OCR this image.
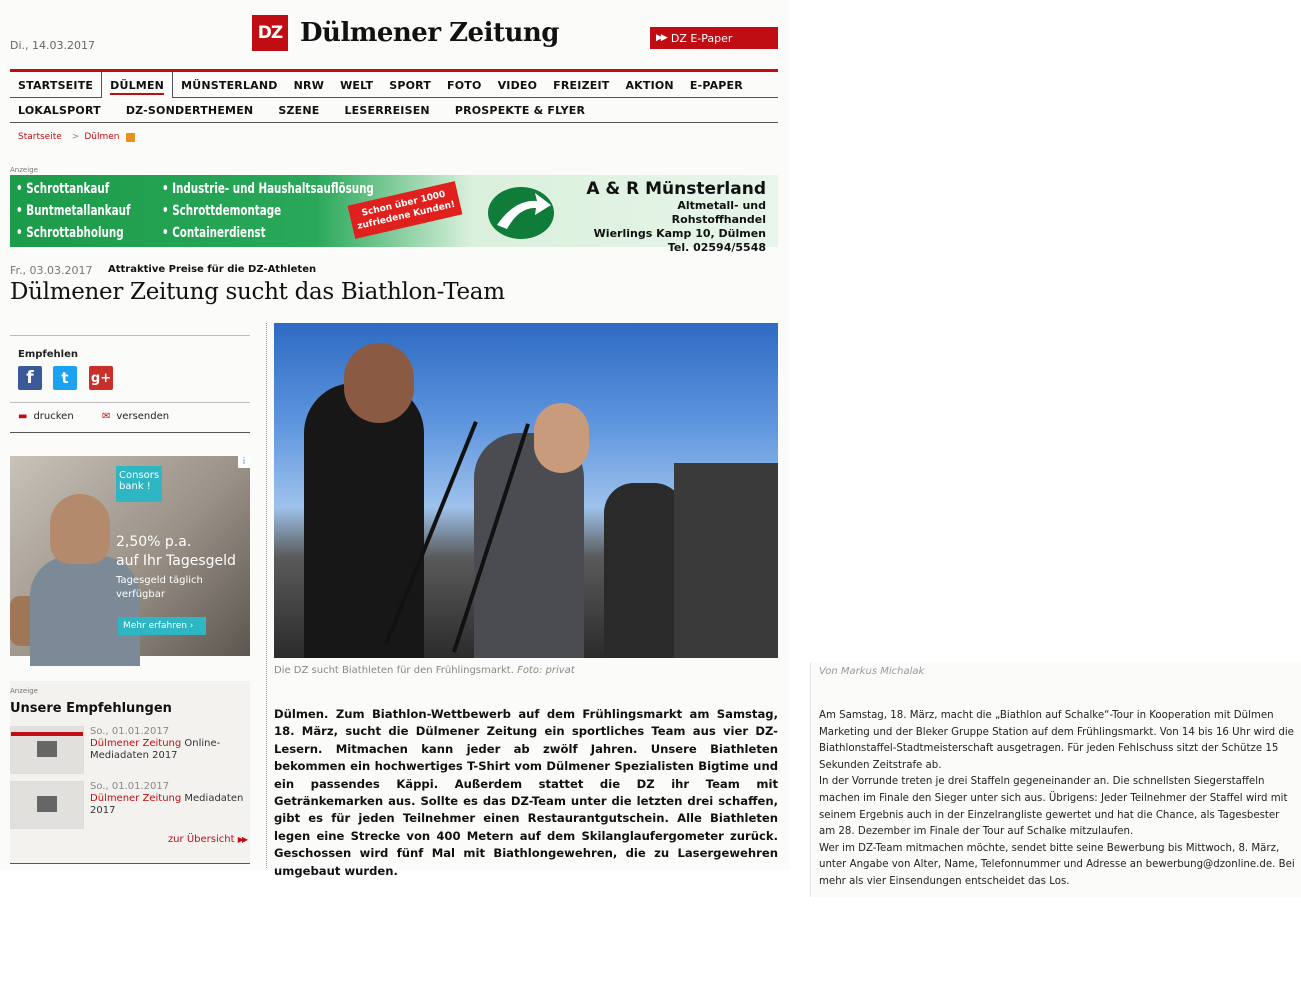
Di., 14.03.2017
DZ Dülmener Zeitung	▶▶ DZ E-Paper
STARTSEITE	DÜLMEN	MÜNSTERLAND	NRW	WELT	SPORT	FOTO	VIDEO	FREIZEIT	AKTION	E-PAPER
LOKALSPORT	DZ-SONDERTHEMEN	SZENE	LESERREISEN	PROSPEKTE & FLYER
Startseite > Dülmen
Anzeige
• Schrottankauf
• Buntmetallankauf
• Schrottabholung
• Industrie- und Haushaltsauflösung
• Schrottdemontage
• Containerdienst
Schon über 1000 zufriedene Kunden!
A & R Münsterland
Altmetall- und Rohstoffhandel
Wierlings Kamp 10, Dülmen
Tel. 02594/5548
Fr., 03.03.2017 Attraktive Preise für die DZ-Athleten
Dülmener Zeitung sucht das Biathlon-Team
Empfehlen
f	t	g+
▬ drucken	✉ versenden
Consors bank !
2,50% p.a.
auf Ihr Tagesgeld
Tagesgeld täglich verfügbar
Mehr erfahren ›
i
Anzeige
Unsere Empfehlungen
So., 01.01.2017
Dülmener Zeitung Online-Mediadaten 2017
So., 01.01.2017
Dülmener Zeitung Mediadaten 2017
zur Übersicht ▶▶
Die DZ sucht Biathleten für den Frühlingsmarkt. Foto: privat
Dülmen. Zum Biathlon-Wettbewerb auf dem Frühlingsmarkt am Samstag, 18. März, sucht die Dülmener Zeitung ein sportliches Team aus vier DZ-Lesern. Mitmachen kann jeder ab zwölf Jahren. Unsere Biathleten bekommen ein hochwertiges T-Shirt vom Dülmener Spezialisten Bigtime und ein passendes Käppi. Außerdem stattet die DZ ihr Team mit Getränkemarken aus. Sollte es das DZ-Team unter die letzten drei schaffen, gibt es für jeden Teilnehmer einen Restaurantgutschein. Alle Biathleten legen eine Strecke von 400 Metern auf dem Skilanglaufergometer zurück. Geschossen wird fünf Mal mit Biathlongewehren, die zu Lasergewehren umgebaut wurden.
Von Markus Michalak
Am Samstag, 18. März, macht die „Biathlon auf Schalke“-Tour in Kooperation mit Dülmen Marketing und der Bleker Gruppe Station auf dem Frühlingsmarkt. Von 14 bis 16 Uhr wird die Biathlonstaffel-Stadtmeisterschaft ausgetragen. Für jeden Fehlschuss sitzt der Schütze 15 Sekunden Zeitstrafe ab.
In der Vorrunde treten je drei Staffeln gegeneinander an. Die schnellsten Siegerstaffeln machen im Finale den Sieger unter sich aus. Übrigens: Jeder Teilnehmer der Staffel wird mit seinem Ergebnis auch in der Einzelrangliste gewertet und hat die Chance, als Tagesbester am 28. Dezember im Finale der Tour auf Schalke mitzulaufen.
Wer im DZ-Team mitmachen möchte, sendet bitte seine Bewerbung bis Mittwoch, 8. März, unter Angabe von Alter, Name, Telefonnummer und Adresse an bewerbung@dzonline.de. Bei mehr als vier Einsendungen entscheidet das Los.
